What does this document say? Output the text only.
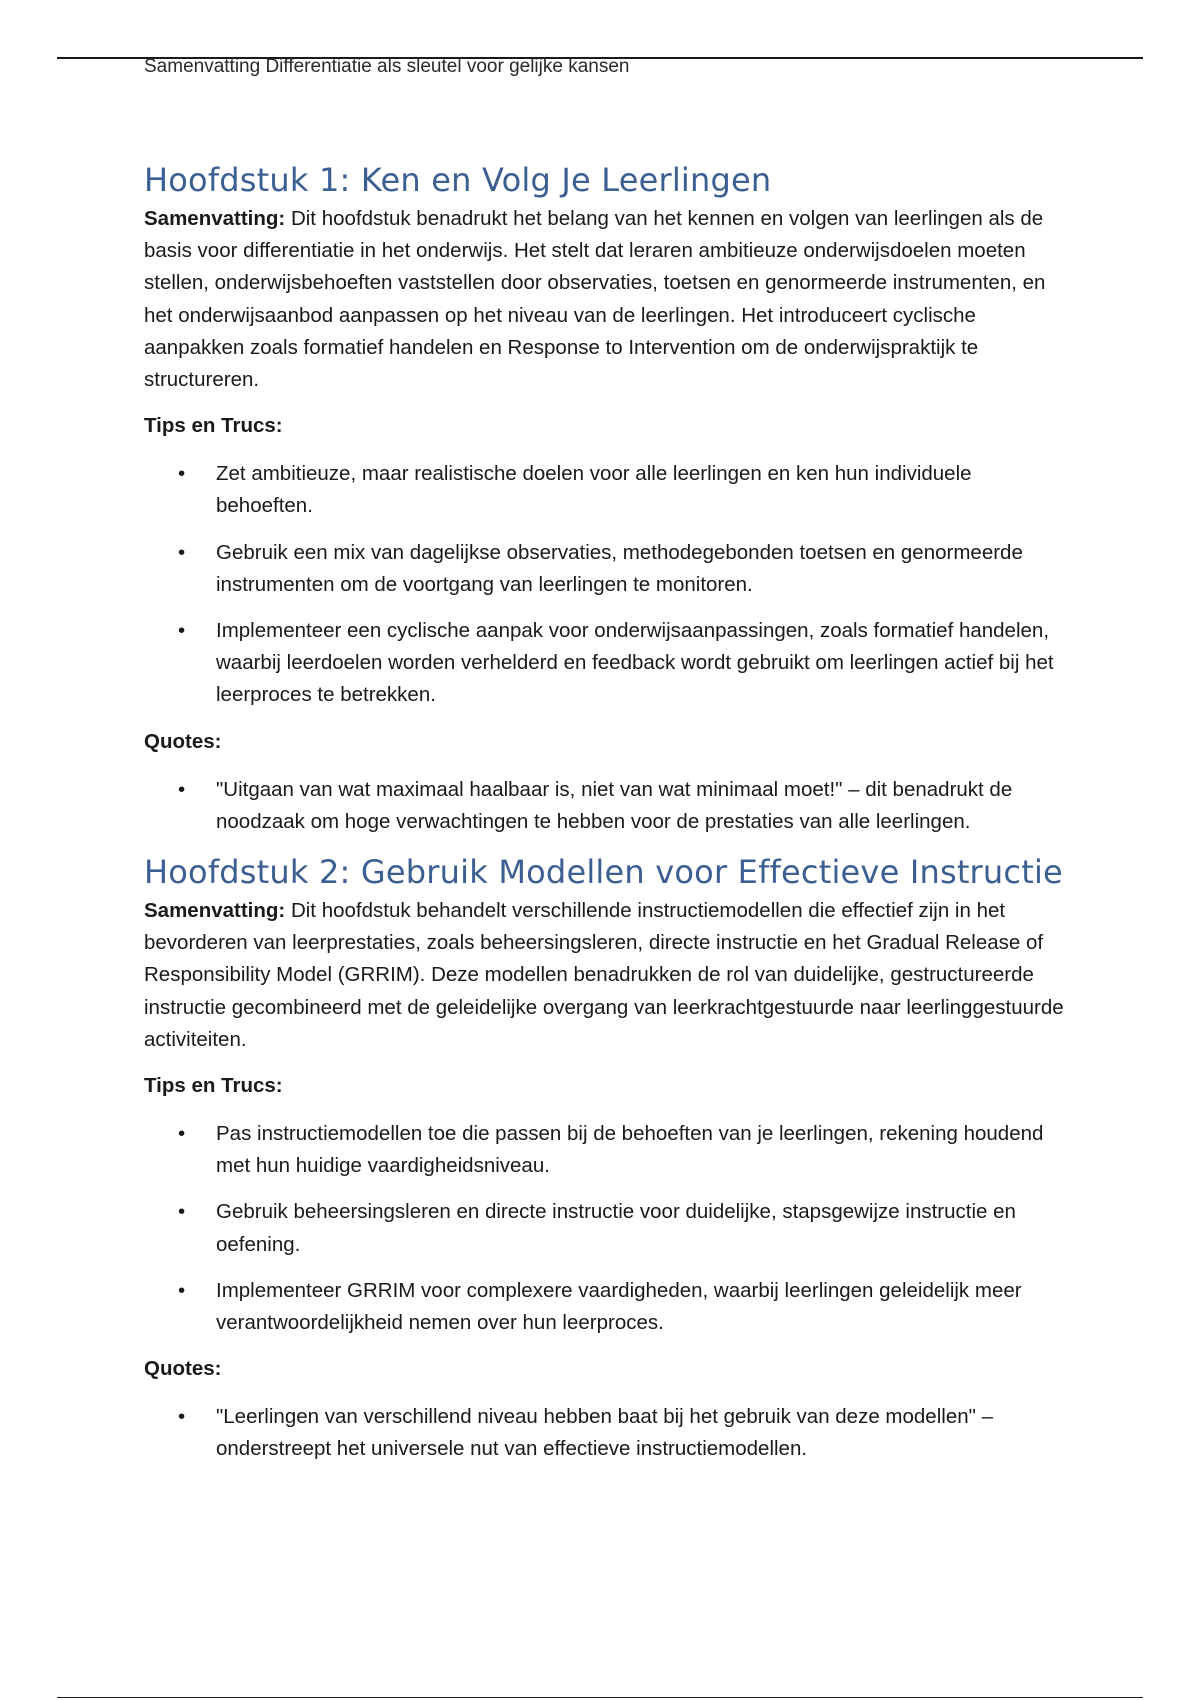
Samenvatting Differentiatie als sleutel voor gelijke kansen
Hoofdstuk 1: Ken en Volg Je Leerlingen

Samenvatting: Dit hoofdstuk benadrukt het belang van het kennen en volgen van leerlingen als de basis voor differentiatie in het onderwijs. Het stelt dat leraren ambitieuze onderwijsdoelen moeten stellen, onderwijsbehoeften vaststellen door observaties, toetsen en genormeerde instrumenten, en het onderwijsaanbod aanpassen op het niveau van de leerlingen. Het introduceert cyclische aanpakken zoals formatief handelen en Response to Intervention om de onderwijspraktijk te structureren.

Tips en Trucs:
• Zet ambitieuze, maar realistische doelen voor alle leerlingen en ken hun individuele behoeften.
• Gebruik een mix van dagelijkse observaties, methodegebonden toetsen en genormeerde instrumenten om de voortgang van leerlingen te monitoren.
• Implementeer een cyclische aanpak voor onderwijsaanpassingen, zoals formatief handelen, waarbij leerdoelen worden verhelderd en feedback wordt gebruikt om leerlingen actief bij het leerproces te betrekken.
Quotes:
• "Uitgaan van wat maximaal haalbaar is, niet van wat minimaal moet!" – dit benadrukt de noodzaak om hoge verwachtingen te hebben voor de prestaties van alle leerlingen.
Hoofdstuk 2: Gebruik Modellen voor Effectieve Instructie

Samenvatting: Dit hoofdstuk behandelt verschillende instructiemodellen die effectief zijn in het bevorderen van leerprestaties, zoals beheersingsleren, directe instructie en het Gradual Release of Responsibility Model (GRRIM). Deze modellen benadrukken de rol van duidelijke, gestructureerde instructie gecombineerd met de geleidelijke overgang van leerkrachtgestuurde naar leerlinggestuurde activiteiten.

Tips en Trucs:
• Pas instructiemodellen toe die passen bij de behoeften van je leerlingen, rekening houdend met hun huidige vaardigheidsniveau.
• Gebruik beheersingsleren en directe instructie voor duidelijke, stapsgewijze instructie en oefening.
• Implementeer GRRIM voor complexere vaardigheden, waarbij leerlingen geleidelijk meer verantwoordelijkheid nemen over hun leerproces.
Quotes:
• "Leerlingen van verschillend niveau hebben baat bij het gebruik van deze modellen" – onderstreept het universele nut van effectieve instructiemodellen.
